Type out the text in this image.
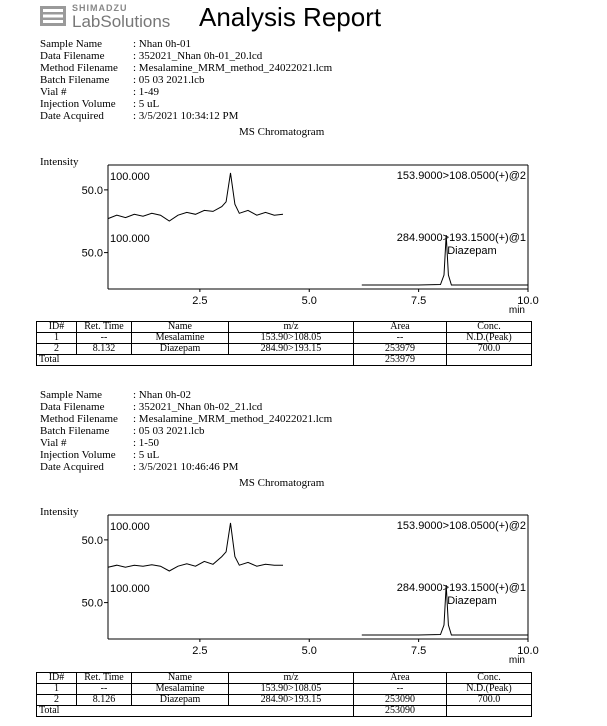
SHIMADZU
LabSolutions Analysis Report
Sample Name	: Nhan 0h-01
Data Filename	: 352021_Nhan 0h-01_20.lcd
Method Filename	: Mesalamine_MRM_method_24022021.lcm
Batch Filename	: 05 03 2021.lcb
Vial #	: 1-49
Injection Volume	: 5 uL
Date Acquired	: 3/5/2021 10:34:12 PM
MS Chromatogram
Intensity
2.5	5.0	7.5	10.0
min
50.0
100.000	153.9000>108.0500(+)@2
50.0
100.000	284.9000>193.1500(+)@1
Diazepam
ID#	Ret. Time	Name	m/z	Area	Conc.
1	--	Mesalamine	153.90>108.05	--	N.D.(Peak)
2	8.132	Diazepam	284.90>193.15	253979	700.0
Total				253979	
Sample Name	: Nhan 0h-02
Data Filename	: 352021_Nhan 0h-02_21.lcd
Method Filename	: Mesalamine_MRM_method_24022021.lcm
Batch Filename	: 05 03 2021.lcb
Vial #	: 1-50
Injection Volume	: 5 uL
Date Acquired	: 3/5/2021 10:46:46 PM
MS Chromatogram
Intensity
2.5	5.0	7.5	10.0
min
50.0
100.000	153.9000>108.0500(+)@2
50.0
100.000	284.9000>193.1500(+)@1
Diazepam
ID#	Ret. Time	Name	m/z	Area	Conc.
1	--	Mesalamine	153.90>108.05	--	N.D.(Peak)
2	8.126	Diazepam	284.90>193.15	253090	700.0
Total				253090	
